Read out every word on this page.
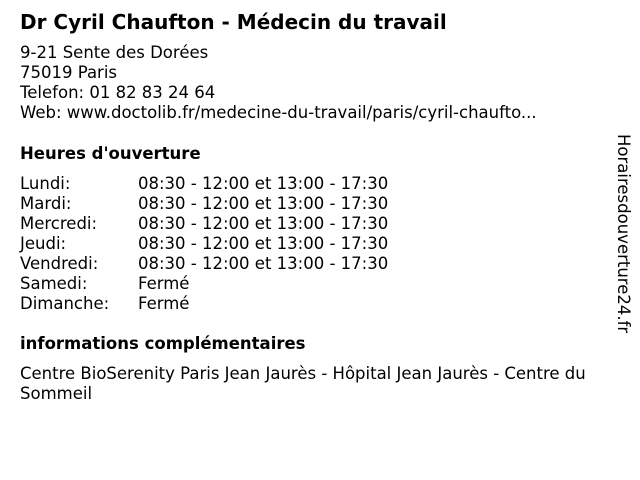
Dr Cyril Chaufton - Médecin du travail
9-21 Sente des Dorées
75019 Paris
Telefon: 01 82 83 24 64
Web: www.doctolib.fr/medecine-du-travail/paris/cyril-chaufto...
Heures d'ouverture
Lundi:	08:30 - 12:00 et 13:00 - 17:30
Mardi:	08:30 - 12:00 et 13:00 - 17:30
Mercredi:	08:30 - 12:00 et 13:00 - 17:30
Jeudi:	08:30 - 12:00 et 13:00 - 17:30
Vendredi:	08:30 - 12:00 et 13:00 - 17:30
Samedi:	Fermé
Dimanche:	Fermé
informations complémentaires
Centre BioSerenity Paris Jean Jaurès - Hôpital Jean Jaurès - Centre du Sommeil
Horairesdouverture24.fr
